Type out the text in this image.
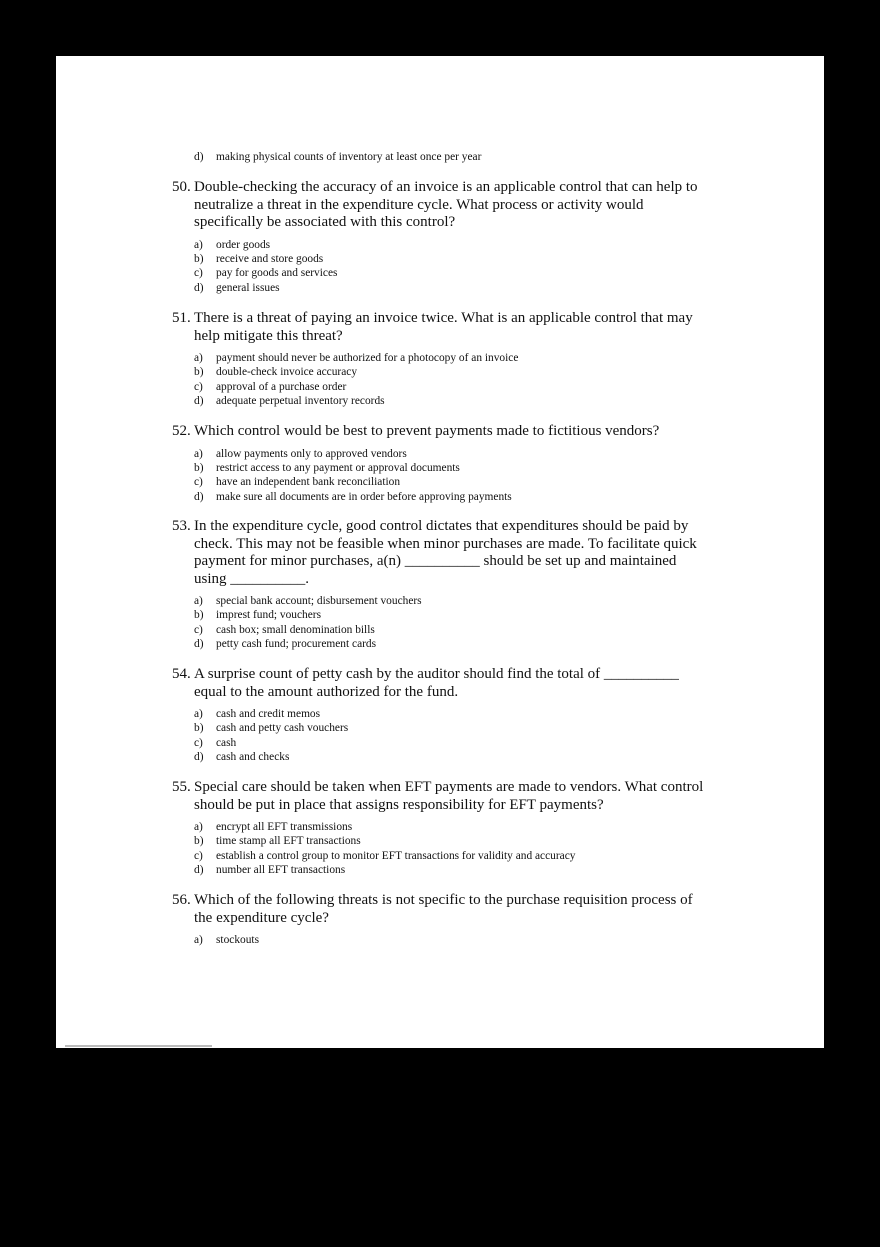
d)	making physical counts of inventory at least once per year
50. Double-checking the accuracy of an invoice is an applicable control that can help to neutralize a threat in the expenditure cycle. What process or activity would specifically be associated with this control?
a)	order goods
b)	receive and store goods
c)	pay for goods and services
d)	general issues
51. There is a threat of paying an invoice twice. What is an applicable control that may help mitigate this threat?
a)	payment should never be authorized for a photocopy of an invoice
b)	double-check invoice accuracy
c)	approval of a purchase order
d)	adequate perpetual inventory records
52. Which control would be best to prevent payments made to fictitious vendors?
a)	allow payments only to approved vendors
b)	restrict access to any payment or approval documents
c)	have an independent bank reconciliation
d)	make sure all documents are in order before approving payments
53. In the expenditure cycle, good control dictates that expenditures should be paid by check. This may not be feasible when minor purchases are made. To facilitate quick payment for minor purchases, a(n) __________ should be set up and maintained using __________.
a)	special bank account; disbursement vouchers
b)	imprest fund; vouchers
c)	cash box; small denomination bills
d)	petty cash fund; procurement cards
54. A surprise count of petty cash by the auditor should find the total of __________ equal to the amount authorized for the fund.
a)	cash and credit memos
b)	cash and petty cash vouchers
c)	cash
d)	cash and checks
55. Special care should be taken when EFT payments are made to vendors. What control should be put in place that assigns responsibility for EFT payments?
a)	encrypt all EFT transmissions
b)	time stamp all EFT transactions
c)	establish a control group to monitor EFT transactions for validity and accuracy
d)	number all EFT transactions
56. Which of the following threats is not specific to the purchase requisition process of the expenditure cycle?
a)	stockouts
